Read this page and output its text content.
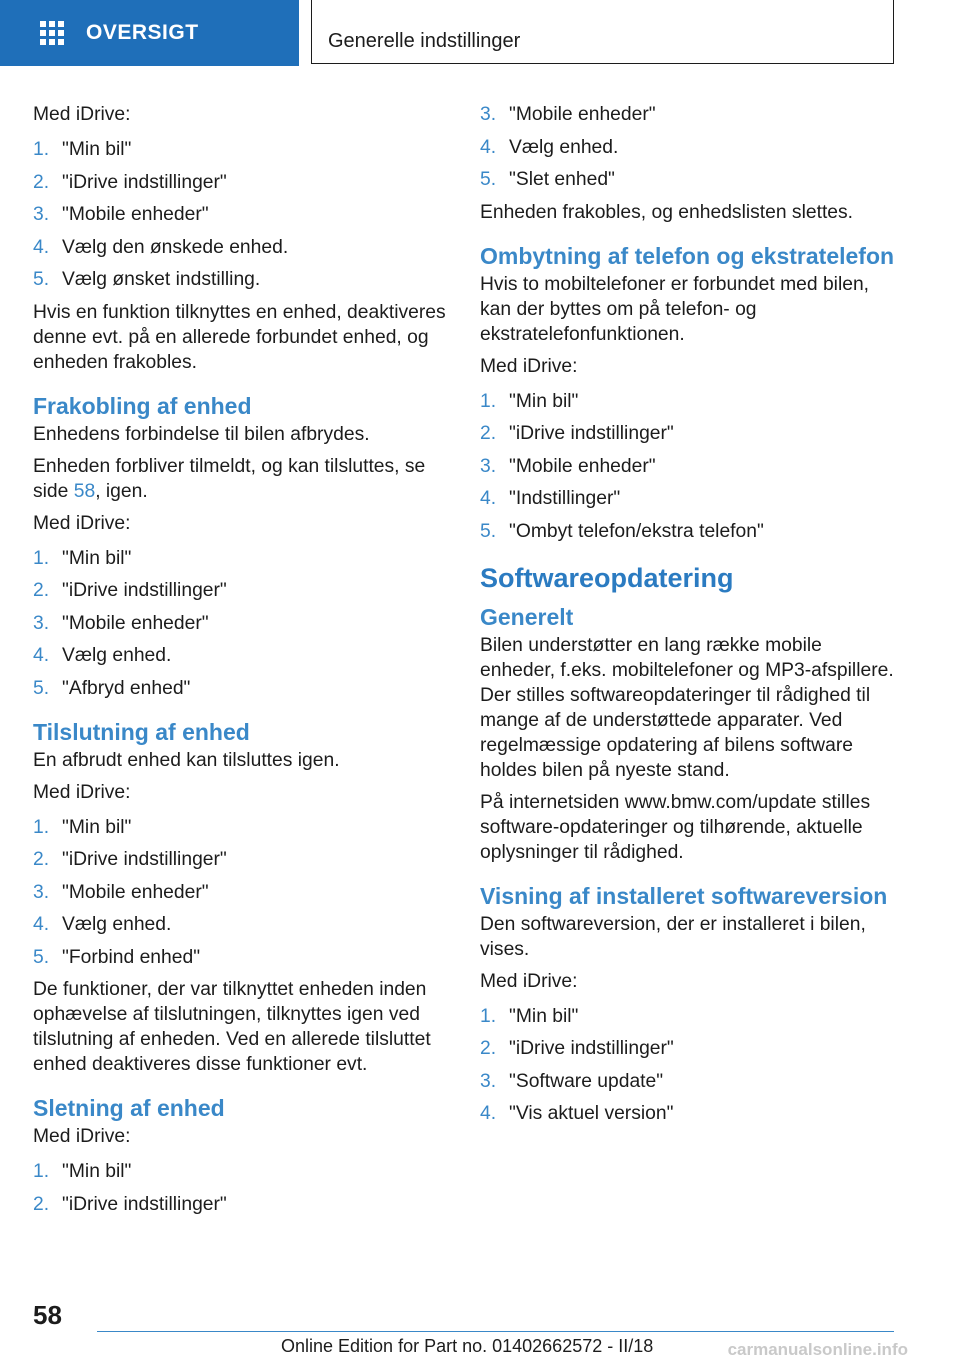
OVERSIGT	Generelle indstillinger

Med iDrive:

1. "Min bil"
2. "iDrive indstillinger"
3. "Mobile enheder"
4. Vælg den ønskede enhed.
5. Vælg ønsket indstilling.

Hvis en funktion tilknyttes en enhed, deaktiveres denne evt. på en allerede forbundet enhed, og enheden frakobles.

Frakobling af enhed

Enhedens forbindelse til bilen afbrydes.

Enheden forbliver tilmeldt, og kan tilsluttes, se side 58, igen.

Med iDrive:

1. "Min bil"
2. "iDrive indstillinger"
3. "Mobile enheder"
4. Vælg enhed.
5. "Afbryd enhed"
Tilslutning af enhed

En afbrudt enhed kan tilsluttes igen.

Med iDrive:

1. "Min bil"
2. "iDrive indstillinger"
3. "Mobile enheder"
4. Vælg enhed.
5. "Forbind enhed"

De funktioner, der var tilknyttet enheden inden ophævelse af tilslutningen, tilknyttes igen ved tilslutning af enheden. Ved en allerede tilsluttet enhed deaktiveres disse funktioner evt.

Sletning af enhed

Med iDrive:

1. "Min bil"
2. "iDrive indstillinger"
3. "Mobile enheder"
4. Vælg enhed.
5. "Slet enhed"

Enheden frakobles, og enhedslisten slettes.

Ombytning af telefon og ekstratelefon

Hvis to mobiltelefoner er forbundet med bilen, kan der byttes om på telefon- og ekstratelefonfunktionen.

Med iDrive:

1. "Min bil"
2. "iDrive indstillinger"
3. "Mobile enheder"
4. "Indstillinger"
5. "Ombyt telefon/ekstra telefon"
Softwareopdatering
Generelt

Bilen understøtter en lang række mobile enheder, f.eks. mobiltelefoner og MP3-afspillere. Der stilles softwareopdateringer til rådighed til mange af de understøttede apparater. Ved regelmæssige opdatering af bilens software holdes bilen på nyeste stand.

På internetsiden www.bmw.com/update stilles software-opdateringer og tilhørende, aktuelle oplysninger til rådighed.

Visning af installeret softwareversion

Den softwareversion, der er installeret i bilen, vises.

Med iDrive:

1. "Min bil"
2. "iDrive indstillinger"
3. "Software update"
4. "Vis aktuel version"
58
Online Edition for Part no. 01402662572 - II/18	carmanualsonline.info
